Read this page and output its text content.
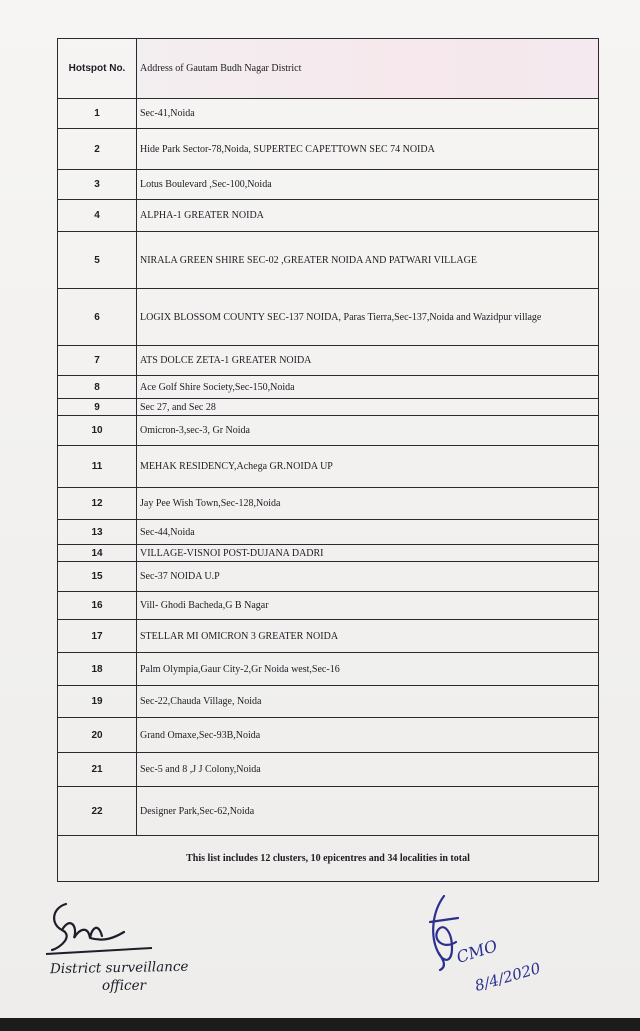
Hotspot No.	Address of Gautam Budh Nagar District
1	Sec-41,Noida
2	Hide Park Sector-78,Noida, SUPERTEC CAPETTOWN SEC 74 NOIDA
3	Lotus Boulevard ,Sec-100,Noida
4	ALPHA-1 GREATER NOIDA
5	NIRALA GREEN SHIRE SEC-02 ,GREATER NOIDA AND PATWARI VILLAGE
6	LOGIX BLOSSOM COUNTY SEC-137 NOIDA, Paras Tierra,Sec-137,Noida and Wazidpur village
7	ATS DOLCE ZETA-1 GREATER NOIDA
8	Ace Golf Shire Society,Sec-150,Noida
9	Sec 27, and Sec 28
10	Omicron-3,sec-3, Gr Noida
11	MEHAK RESIDENCY,Achega GR.NOIDA UP
12	Jay Pee Wish Town,Sec-128,Noida
13	Sec-44,Noida
14	VILLAGE-VISNOI POST-DUJANA DADRI
15	Sec-37 NOIDA U.P
16	Vill- Ghodi Bacheda,G B Nagar
17	STELLAR MI OMICRON 3 GREATER NOIDA
18	Palm Olympia,Gaur City-2,Gr Noida west,Sec-16
19	Sec-22,Chauda Village, Noida
20	Grand Omaxe,Sec-93B,Noida
21	Sec-5 and 8 ,J J Colony,Noida
22	Designer Park,Sec-62,Noida
This list includes 12 clusters, 10 epicentres and 34 localities in total	
District surveillance
officer
CMO
8/4/2020
